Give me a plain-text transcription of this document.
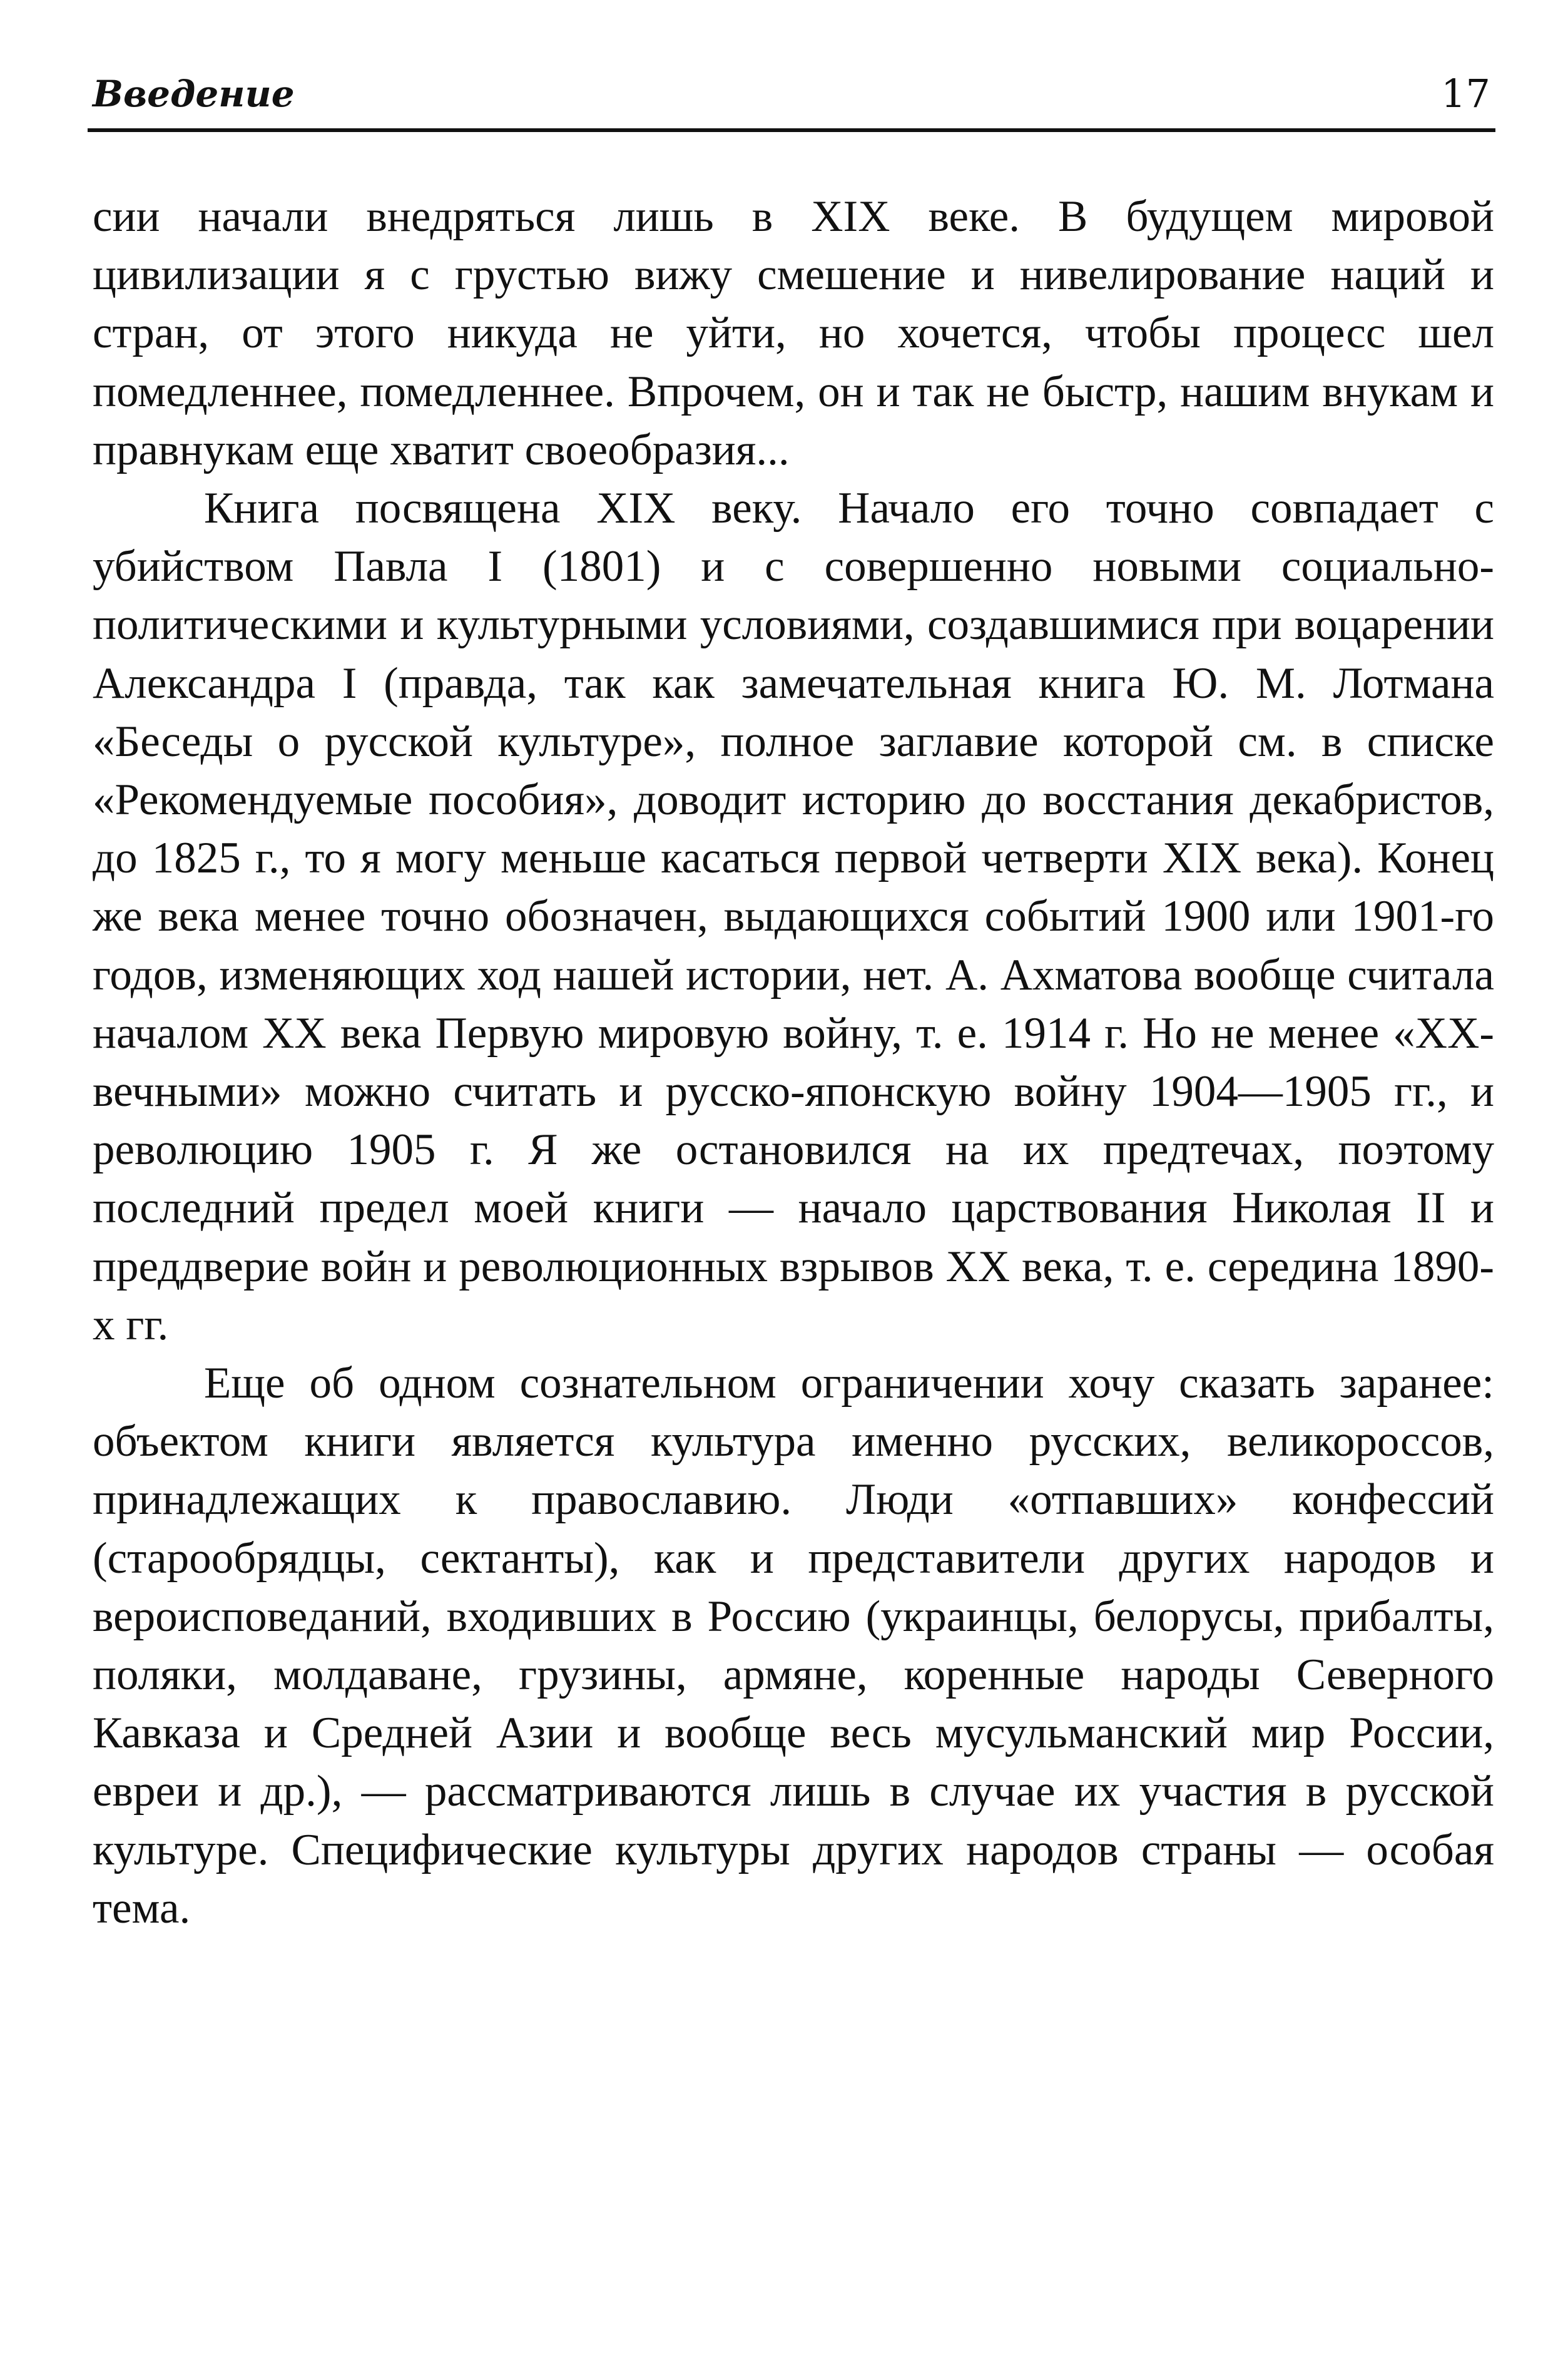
Введение	17

сии начали внедряться лишь в XIX веке. В будущем мировой цивилизации я с грустью вижу смешение и нивелирование наций и стран, от этого никуда не уйти, но хочется, чтобы процесс шел помедленнее, помедленнее. Впрочем, он и так не быстр, нашим внукам и правнукам еще хватит своеобразия...

Книга посвящена XIX веку. Начало его точно совпадает с убийством Павла I (1801) и с совершенно новыми социально-политическими и культурными условиями, создавшимися при воцарении Александра I (правда, так как замечательная книга Ю. М. Лотмана «Беседы о русской культуре», полное заглавие которой см. в списке «Рекомендуемые пособия», доводит историю до восстания декабристов, до 1825 г., то я могу меньше касаться первой четверти XIX века). Конец же века менее точно обозначен, выдающихся событий 1900 или 1901-го годов, изменяющих ход нашей истории, нет. А. Ахматова вообще считала началом XX века Первую мировую войну, т. е. 1914 г. Но не менее «XX-вечными» можно считать и русско-японскую войну 1904—1905 гг., и революцию 1905 г. Я же остановился на их предтечах, поэтому последний предел моей книги — начало царствования Николая II и преддверие войн и революционных взрывов XX века, т. е. середина 1890-х гг.

Еще об одном сознательном ограничении хочу сказать заранее: объектом книги является культура именно русских, великороссов, принадлежащих к православию. Люди «отпавших» конфессий (старообрядцы, сектанты), как и представители других народов и вероисповеданий, входивших в Россию (украинцы, белорусы, прибалты, поляки, молдаване, грузины, армяне, коренные народы Северного Кавказа и Средней Азии и вообще весь мусульманский мир России, евреи и др.), — рассматриваются лишь в случае их участия в русской культуре. Специфические культуры других народов страны — особая тема.
